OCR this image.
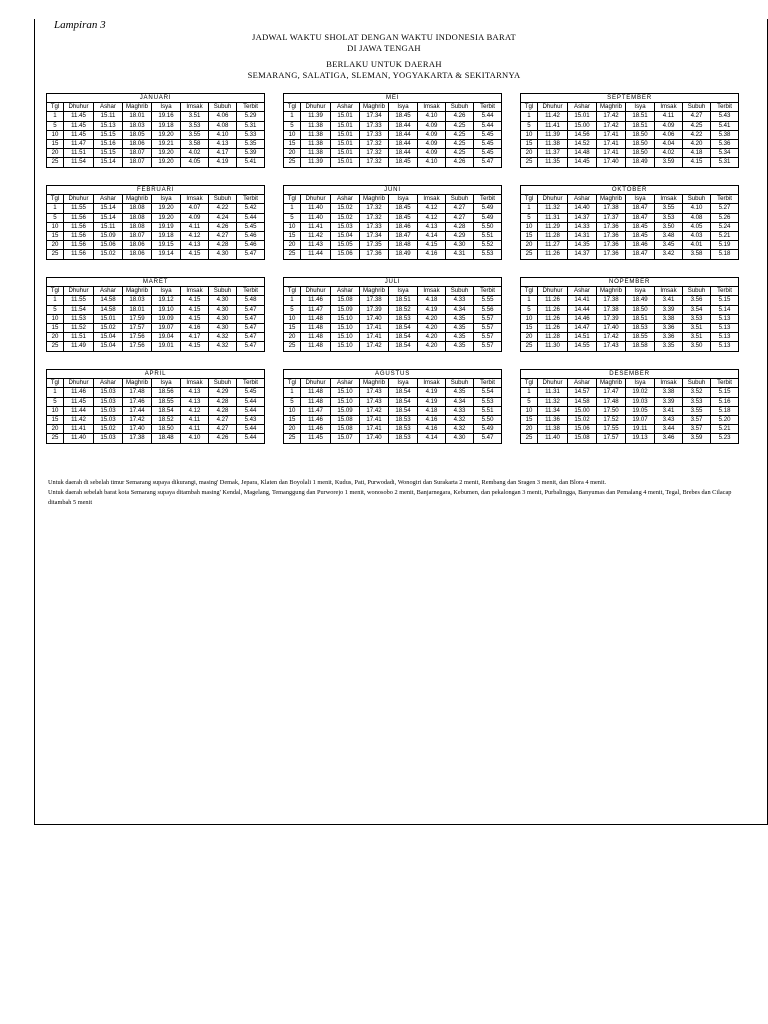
Lampiran 3
JADWAL WAKTU SHOLAT DENGAN WAKTU INDONESIA BARAT
DI JAWA TENGAH
BERLAKU UNTUK DAERAH
SEMARANG, SALATIGA, SLEMAN, YOGYAKARTA & SEKITARNYA
JANUARI							
Tgl	Dhuhur	Ashar	Maghrib	Isya	Imsak	Subuh	Terbit
1	11.45	15.11	18.01	19.16	3.51	4.06	5.29
5	11.45	15.13	18.03	19.18	3.53	4.08	5.31
10	11.45	15.15	18.05	19.20	3.55	4.10	5.33
15	11.47	15.16	18.06	19.21	3.58	4.13	5.35
20	11.51	15.15	18.07	19.20	4.02	4.17	5.39
25	11.54	15.14	18.07	19.20	4.05	4.19	5.41
FEBRUARI							
Tgl	Dhuhur	Ashar	Maghrib	Isya	Imsak	Subuh	Terbit
1	11.55	15.14	18.08	19.20	4.07	4.22	5.42
5	11.56	15.14	18.08	19.20	4.09	4.24	5.44
10	11.56	15.11	18.08	19.19	4.11	4.26	5.45
15	11.56	15.09	18.07	19.18	4.12	4.27	5.46
20	11.56	15.06	18.06	19.15	4.13	4.28	5.46
25	11.56	15.02	18.06	19.14	4.15	4.30	5.47
MARET							
Tgl	Dhuhur	Ashar	Maghrib	Isya	Imsak	Subuh	Terbit
1	11.55	14.58	18.03	19.12	4.15	4.30	5.48
5	11.54	14.58	18.01	19.10	4.15	4.30	5.47
10	11.53	15.01	17.59	19.09	4.15	4.30	5.47
15	11.52	15.02	17.57	19.07	4.16	4.30	5.47
20	11.51	15.04	17.56	19.04	4.17	4.32	5.47
25	11.49	15.04	17.56	19.01	4.15	4.32	5.47
APRIL							
Tgl	Dhuhur	Ashar	Maghrib	Isya	Imsak	Subuh	Terbit
1	11.46	15.03	17.48	18.56	4.13	4.29	5.45
5	11.45	15.03	17.46	18.55	4.13	4.28	5.44
10	11.44	15.03	17.44	18.54	4.12	4.28	5.44
15	11.42	15.03	17.42	18.52	4.11	4.27	5.43
20	11.41	15.02	17.40	18.50	4.11	4.27	5.44
25	11.40	15.03	17.38	18.48	4.10	4.26	5.44
MEI							
Tgl	Dhuhur	Ashar	Maghrib	Isya	Imsak	Subuh	Terbit
1	11.39	15.01	17.34	18.45	4.10	4.26	5.44
5	11.38	15.01	17.33	18.44	4.09	4.25	5.44
10	11.38	15.01	17.33	18.44	4.09	4.25	5.45
15	11.38	15.01	17.32	18.44	4.09	4.25	5.45
20	11.38	15.01	17.32	18.44	4.09	4.25	5.45
25	11.39	15.01	17.32	18.45	4.10	4.26	5.47
JUNI							
Tgl	Dhuhur	Ashar	Maghrib	Isya	Imsak	Subuh	Terbit
1	11.40	15.02	17.32	18.45	4.12	4.27	5.49
5	11.40	15.02	17.32	18.45	4.12	4.27	5.49
10	11.41	15.03	17.33	18.46	4.13	4.28	5.50
15	11.42	15.04	17.34	18.47	4.14	4.29	5.51
20	11.43	15.05	17.35	18.48	4.15	4.30	5.52
25	11.44	15.06	17.36	18.49	4.16	4.31	5.53
JULI							
Tgl	Dhuhur	Ashar	Maghrib	Isya	Imsak	Subuh	Terbit
1	11.46	15.08	17.38	18.51	4.18	4.33	5.55
5	11.47	15.09	17.39	18.52	4.19	4.34	5.56
10	11.48	15.10	17.40	18.53	4.20	4.35	5.57
15	11.48	15.10	17.41	18.54	4.20	4.35	5.57
20	11.48	15.10	17.41	18.54	4.20	4.35	5.57
25	11.48	15.10	17.42	18.54	4.20	4.35	5.57
AGUSTUS							
Tgl	Dhuhur	Ashar	Maghrib	Isya	Imsak	Subuh	Terbit
1	11.48	15.10	17.43	18.54	4.19	4.35	5.54
5	11.48	15.10	17.43	18.54	4.19	4.34	5.53
10	11.47	15.09	17.42	18.54	4.18	4.33	5.51
15	11.46	15.08	17.41	18.53	4.16	4.32	5.50
20	11.46	15.08	17.41	18.53	4.16	4.32	5.49
25	11.45	15.07	17.40	18.53	4.14	4.30	5.47
SEPTEMBER							
Tgl	Dhuhur	Ashar	Maghrib	Isya	Imsak	Subuh	Terbit
1	11.42	15.01	17.42	18.51	4.11	4.27	5.43
5	11.41	15.00	17.42	18.51	4.09	4.25	5.41
10	11.39	14.56	17.41	18.50	4.06	4.22	5.38
15	11.38	14.52	17.41	18.50	4.04	4.20	5.36
20	11.37	14.48	17.41	18.50	4.02	4.18	5.34
25	11.35	14.45	17.40	18.49	3.59	4.15	5.31
OKTOBER							
Tgl	Dhuhur	Ashar	Maghrib	Isya	Imsak	Subuh	Terbit
1	11.32	14.40	17.38	18.47	3.55	4.10	5.27
5	11.31	14.37	17.37	18.47	3.53	4.08	5.26
10	11.29	14.33	17.36	18.45	3.50	4.05	5.24
15	11.28	14.31	17.36	18.45	3.48	4.03	5.21
20	11.27	14.35	17.36	18.46	3.45	4.01	5.19
25	11.26	14.37	17.36	18.47	3.42	3.58	5.18
NOPEMBER							
Tgl	Dhuhur	Ashar	Maghrib	Isya	Imsak	Subuh	Terbit
1	11.26	14.41	17.38	18.49	3.41	3.56	5.15
5	11.26	14.44	17.38	18.50	3.39	3.54	5.14
10	11.26	14.46	17.39	18.51	3.38	3.53	5.13
15	11.26	14.47	17.40	18.53	3.36	3.51	5.13
20	11.28	14.51	17.42	18.55	3.36	3.51	5.13
25	11.30	14.55	17.43	18.58	3.35	3.50	5.13
DESEMBER							
Tgl	Dhuhur	Ashar	Maghrib	Isya	Imsak	Subuh	Terbit
1	11.31	14.57	17.47	19.02	3.38	3.52	5.15
5	11.32	14.58	17.48	19.03	3.39	3.53	5.16
10	11.34	15.00	17.50	19.05	3.41	3.55	5.18
15	11.36	15.02	17.52	19.07	3.43	3.57	5.20
20	11.38	15.06	17.55	19.11	3.44	3.57	5.21
25	11.40	15.08	17.57	19.13	3.46	3.59	5.23

Untuk daerah di sebelah timur Semarang supaya dikurangi, masing' Demak, Jepara, Klaten dan Boyolali 1 menit, Kudus, Pati, Purwodadi, Wonogiri dan Surakarta 2 menit, Rembang dan Sragen 3 menit, dan Blora 4 menit.

Untuk daerah sebelah barat kota Semarang supaya ditambah masing' Kendal, Magelang, Temanggung dan Purworejo 1 menit, wonosobo 2 menit, Banjarnegara, Kebumen, dan pekalongan 3 menit, Purbalingga, Banyumas dan Pemalang 4 menit, Tegal, Brebes dan Cilacap ditambah 5 menit
